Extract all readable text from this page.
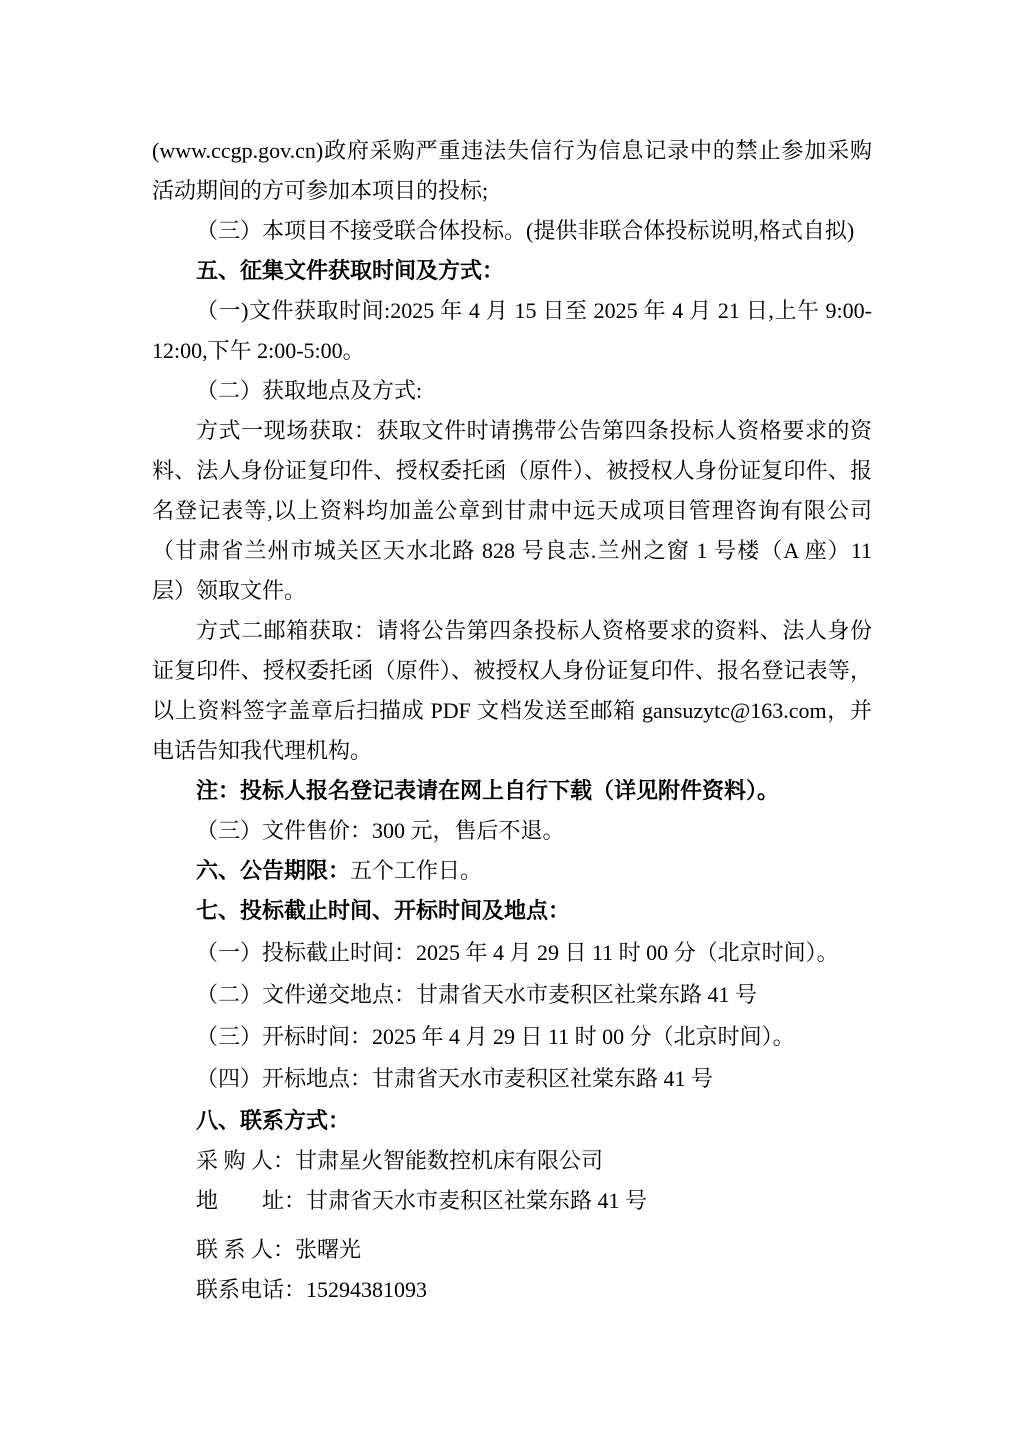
(www.ccgp.gov.cn)政府采购严重违法失信行为信息记录中的禁止参加采购活动期间的方可参加本项目的投标;

（三）本项目不接受联合体投标。(提供非联合体投标说明,格式自拟)

五、征集文件获取时间及方式：

（一)文件获取时间:2025 年 4 月 15 日至 2025 年 4 月 21 日,上午 9:00-12:00,下午 2:00-5:00。

（二）获取地点及方式:

方式一现场获取：获取文件时请携带公告第四条投标人资格要求的资料、法人身份证复印件、授权委托函（原件）、被授权人身份证复印件、报名登记表等,以上资料均加盖公章到甘肃中远天成项目管理咨询有限公司（甘肃省兰州市城关区天水北路 828 号良志.兰州之窗 1 号楼（A 座）11 层）领取文件。

方式二邮箱获取：请将公告第四条投标人资格要求的资料、法人身份证复印件、授权委托函（原件）、被授权人身份证复印件、报名登记表等，以上资料签字盖章后扫描成 PDF 文档发送至邮箱 gansuzytc@163.com，并电话告知我代理机构。

注：投标人报名登记表请在网上自行下载（详见附件资料）。

（三）文件售价：300 元，售后不退。

六、公告期限：五个工作日。

七、投标截止时间、开标时间及地点：

（一）投标截止时间：2025 年 4 月 29 日 11 时 00 分（北京时间）。

（二）文件递交地点：甘肃省天水市麦积区社棠东路 41 号

（三）开标时间：2025 年 4 月 29 日 11 时 00 分（北京时间）。

（四）开标地点：甘肃省天水市麦积区社棠东路 41 号

八、联系方式：

采 购 人：甘肃星火智能数控机床有限公司

地　　址：甘肃省天水市麦积区社棠东路 41 号

联 系 人：张曙光

联系电话：15294381093
